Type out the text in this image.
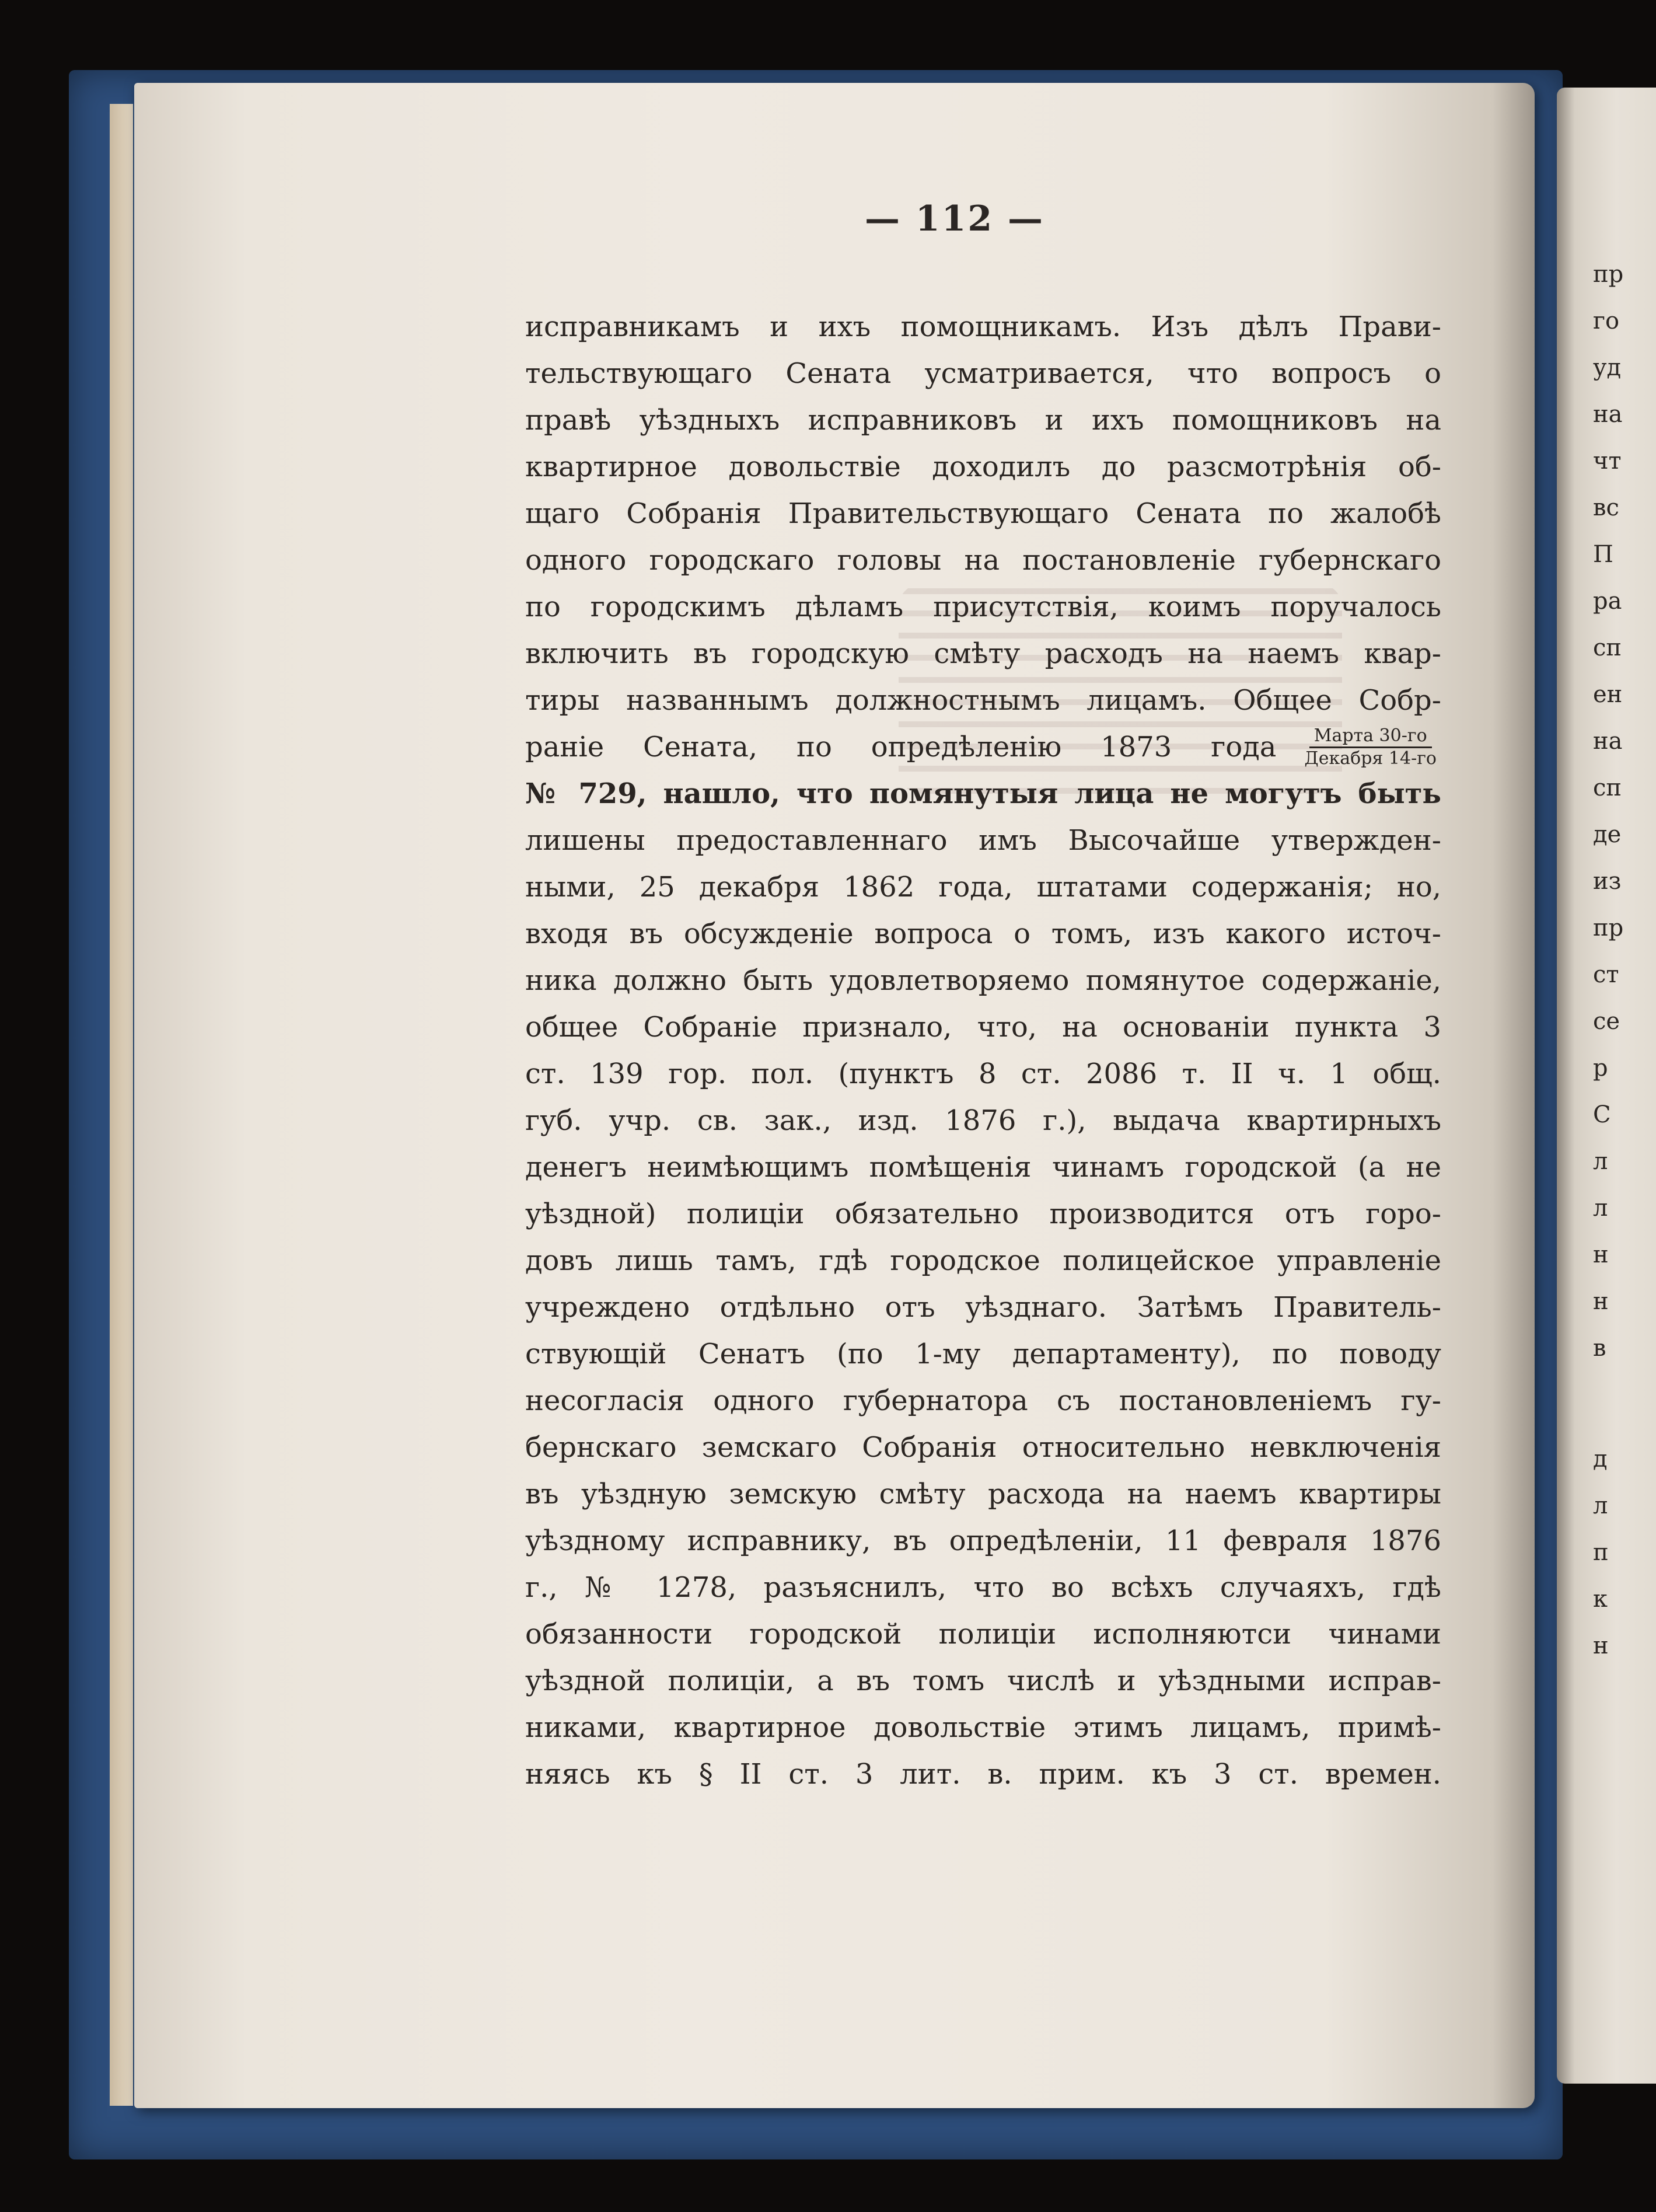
— 112 —
исправникамъ и ихъ помощникамъ. Изъ дѣлъ Прави-
тельствующаго Сената усматривается, что вопросъ о
правѣ уѣздныхъ исправниковъ и ихъ помощниковъ на
квартирное довольствіе доходилъ до разсмотрѣнія об-
щаго Собранія Правительствующаго Сената по жалобѣ
одного городскаго головы на постановленіе губернскаго
по городскимъ дѣламъ присутствія, коимъ поручалось
включить въ городскую смѣту расходъ на наемъ квар-
тиры названнымъ должностнымъ лицамъ. Общее Собр-
раніе Сената, по опредѣленію 1873 года $\frac{\text{Марта 30-го}}{\text{Декабря 14-го}}$
№ 729, нашло, что помянутыя лица не могутъ быть
лишены предоставленнаго имъ Высочайше утвержден-
ными, 25 декабря 1862 года, штатами содержанія; но,
входя въ обсужденіе вопроса о томъ, изъ какого источ-
ника должно быть удовлетворяемо помянутое содержаніе,
общее Собраніе признало, что, на основаніи пункта 3
ст. 139 гор. пол. (пунктъ 8 ст. 2086 т. II ч. 1 общ.
губ. учр. св. зак., изд. 1876 г.), выдача квартирныхъ
денегъ неимѣющимъ помѣщенія чинамъ городской (а не
уѣздной) полиціи обязательно производится отъ горо-
довъ лишь тамъ, гдѣ городское полицейское управленіе
учреждено отдѣльно отъ уѣзднаго. Затѣмъ Правитель-
ствующій Сенатъ (по 1-му департаменту), по поводу
несогласія одного губернатора съ постановленіемъ гу-
бернскаго земскаго Собранія относительно невключенія
въ уѣздную земскую смѣту расхода на наемъ квартиры
уѣздному исправнику, въ опредѣленіи, 11 февраля 1876
г., № 1278, разъяснилъ, что во всѣхъ случаяхъ, гдѣ
обязанности городской полиціи исполняютси чинами
уѣздной полиціи, а въ томъ числѣ и уѣздными исправ-
никами, квартирное довольствіе этимъ лицамъ, примѣ-
няясь къ § II ст. 3 лит. в. прим. къ 3 ст. времен.
пр
го
уд
на
чт
вс
П
ра
сп
ен
на
сп
де
из
пр
ст
се
р
С
л
л
н
н
в
д
л
п
к
н
